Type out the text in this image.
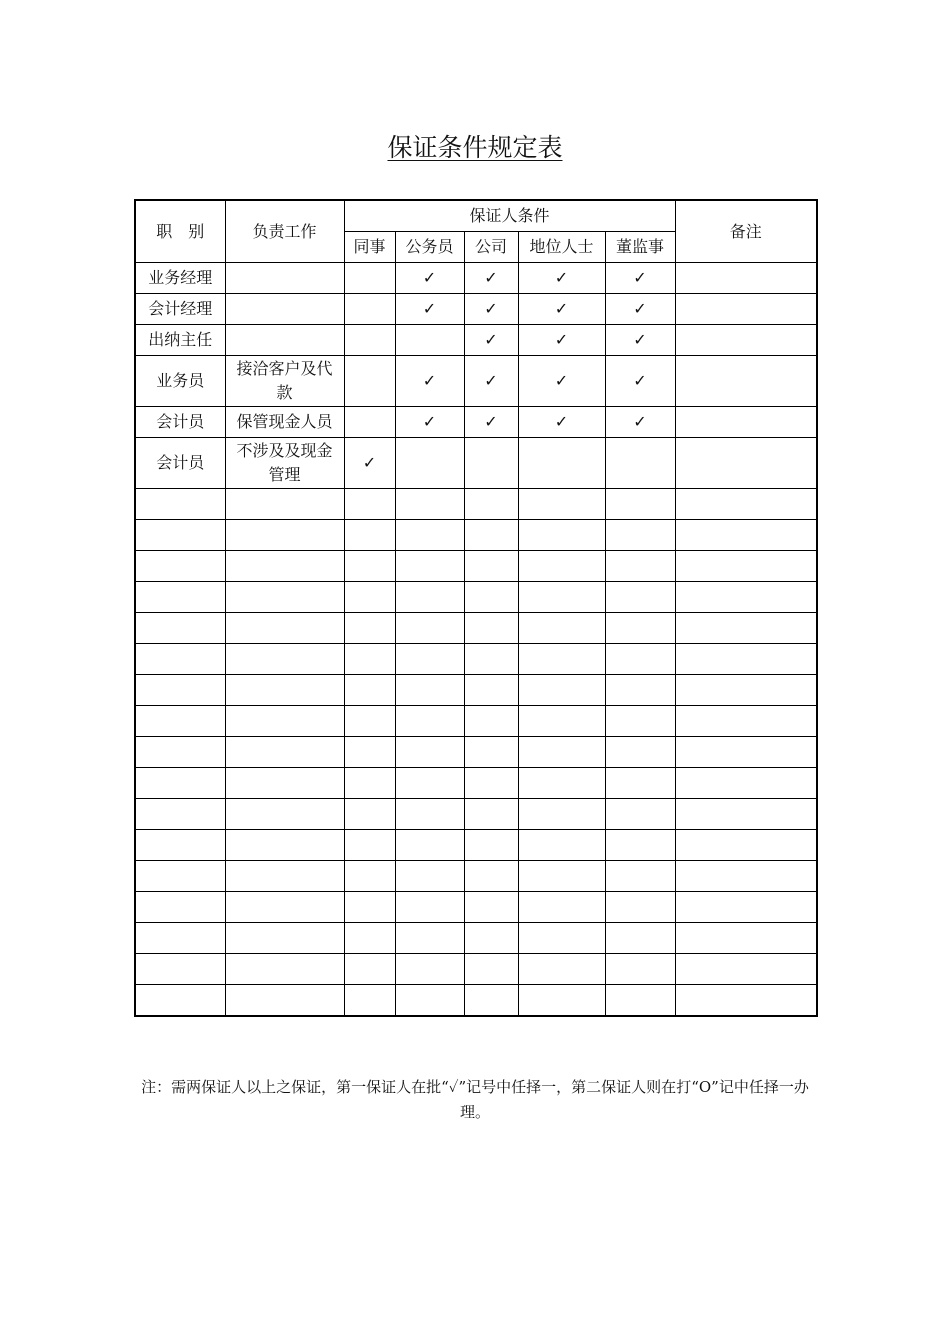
保证条件规定表
职　别	负责工作	保证人条件					备注
		同事	公务员	公司	地位人士	董监事	
业务经理			✓	✓	✓	✓	
会计经理			✓	✓	✓	✓	
出纳主任				✓	✓	✓	
业务员	接洽客户及代款		✓	✓	✓	✓	
会计员	保管现金人员		✓	✓	✓	✓	
会计员	不涉及及现金管理	✓					

注：需两保证人以上之保证，第一保证人在批“✓”记号中任择一，第二保证人则在打“O”记中任择一办理。
